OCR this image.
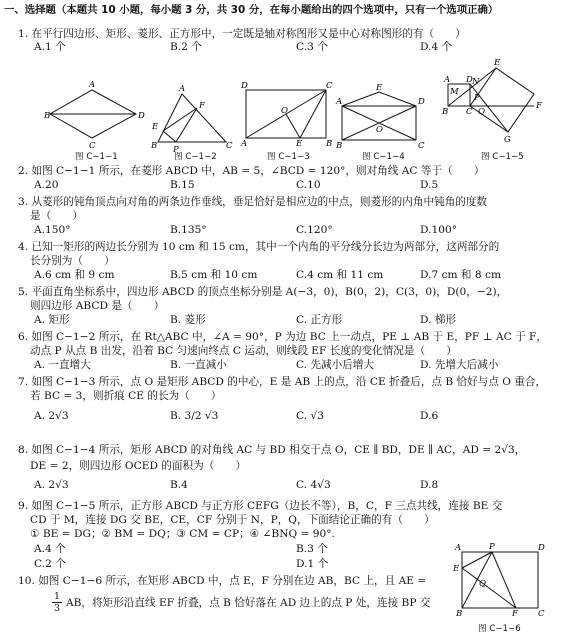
一、选择题（本题共 10 小题，每小题 3 分，共 30 分，在每小题给出的四个选项中，只有一个选项正确）
1. 在平行四边形、矩形、菱形、正方形中，一定既是轴对称图形又是中心对称图形的有（　　）
A.1 个	B.2 个	C.3 个	D.4 个
A
B	D
C
图 C−1−1
A
E
F
B P	C
图 C−1−2
D
O
C
A	E	B
图 C−1−3
A
E
D
O
B	C
图 C−1−4
E
A D N
M
F
P
Q
B C
G
图 C−1−5
2. 如图 C−1−1 所示，在菱形 ABCD 中，AB = 5，∠BCD = 120°，则对角线 AC 等于（　　）
A.20	B.15	C.10	D.5
3. 从菱形的钝角顶点向对角的两条边作垂线，垂足恰好是相应边的中点，则菱形的内角中钝角的度数
是（　　）
A.150°	B.135°	C.120°	D.100°
4. 已知一矩形的两边长分别为 10 cm 和 15 cm，其中一个内角的平分线分长边为两部分，这两部分的
长分别为（　　）
A.6 cm 和 9 cm	B.5 cm 和 10 cm	C.4 cm 和 11 cm	D.7 cm 和 8 cm
5. 平面直角坐标系中，四边形 ABCD 的顶点坐标分别是 A(−3，0)，B(0，2)，C(3，0)，D(0，−2)，
则四边形 ABCD 是（　　）
A. 矩形	B. 菱形	C. 正方形	D. 梯形
6. 如图 C−1−2 所示，在 Rt△ABC 中，∠A = 90°，P 为边 BC 上一动点，PE ⊥ AB 于 E，PF ⊥ AC 于 F，
动点 P 从点 B 出发，沿着 BC 匀速向终点 C 运动，则线段 EF 长度的变化情况是（　　）
A. 一直增大	B. 一直减小	C. 先减小后增大	D. 先增大后减小
7. 如图 C−1−3 所示，点 O 是矩形 ABCD 的中心，E 是 AB 上的点，沿 CE 折叠后，点 B 恰好与点 O 重合，
若 BC = 3，则折痕 CE 的长为（　　）
A. 2√3	B. 3/2 √3	C. √3	D.6
8. 如图 C−1−4 所示，矩形 ABCD 的对角线 AC 与 BD 相交于点 O，CE ∥ BD，DE ∥ AC，AD = 2√3，
DE = 2，则四边形 OCED 的面积为（　　）
A. 2√3	B.4	C. 4√3	D.8
9. 如图 C−1−5 所示，正方形 ABCD 与正方形 CEFG（边长不等），B，C，F 三点共线，连接 BE 交
CD 于 M，连接 DG 交 BE，CE，CF 分别于 N，P，Q，下面结论正确的有（　　）
① BE = DG；② BM = DQ；③ CM = CP；④ ∠BNQ = 90°.
A.4 个	B.3 个
C.2 个	D.1 个
10. 如图 C−1−6 所示，在矩形 ABCD 中，点 E，F 分别在边 AB，BC 上，且 AE =
$\frac{1}{3}$ AB，将矩形沿直线 EF 折叠，点 B 恰好落在 AD 边上的点 P 处，连接 BP 交
A	P	D
E
Q
B	F C
图 C−1−6
